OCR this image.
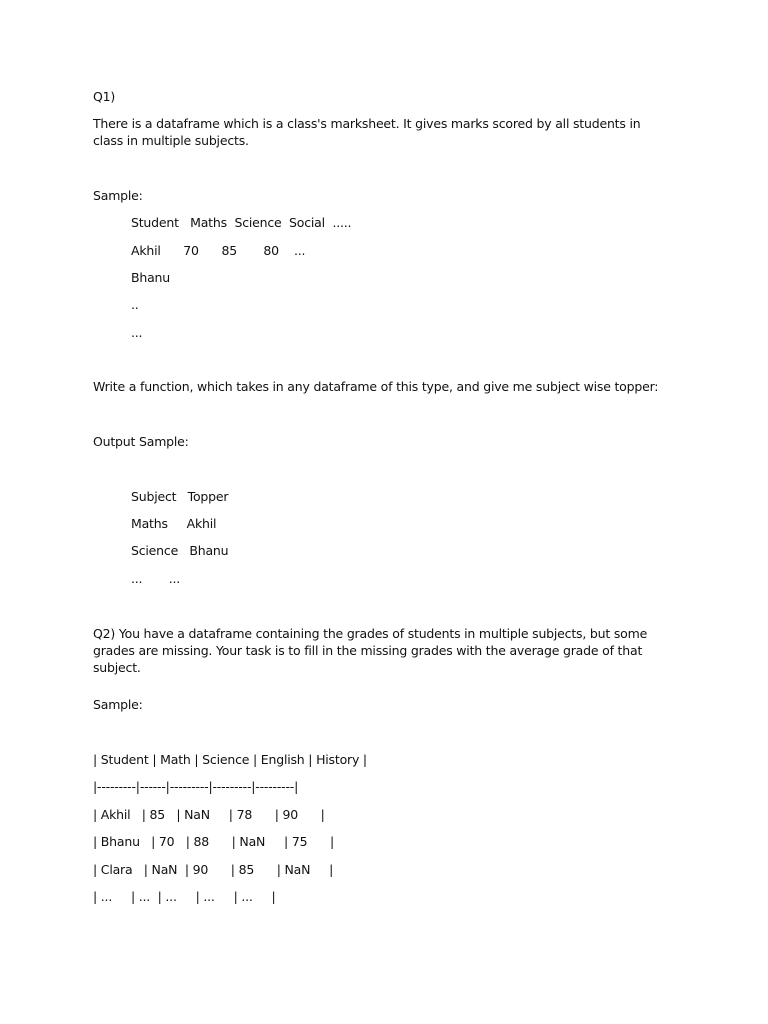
Q1)
There is a dataframe which is a class's marksheet. It gives marks scored by all students in class in multiple subjects.
Sample:
Student   Maths  Science  Social  .....
Akhil      70      85       80    ...
Bhanu
..
...
Write a function, which takes in any dataframe of this type, and give me subject wise topper:
Output Sample:
Subject   Topper
Maths     Akhil
Science   Bhanu
...       ...
Q2) You have a dataframe containing the grades of students in multiple subjects, but some grades are missing. Your task is to fill in the missing grades with the average grade of that subject.
Sample:
| Student | Math | Science | English | History |
|---------|------|---------|---------|---------|
| Akhil   | 85   | NaN     | 78      | 90      |
| Bhanu   | 70   | 88      | NaN     | 75      |
| Clara   | NaN  | 90      | 85      | NaN     |
| ...     | ...  | ...     | ...     | ...     |
